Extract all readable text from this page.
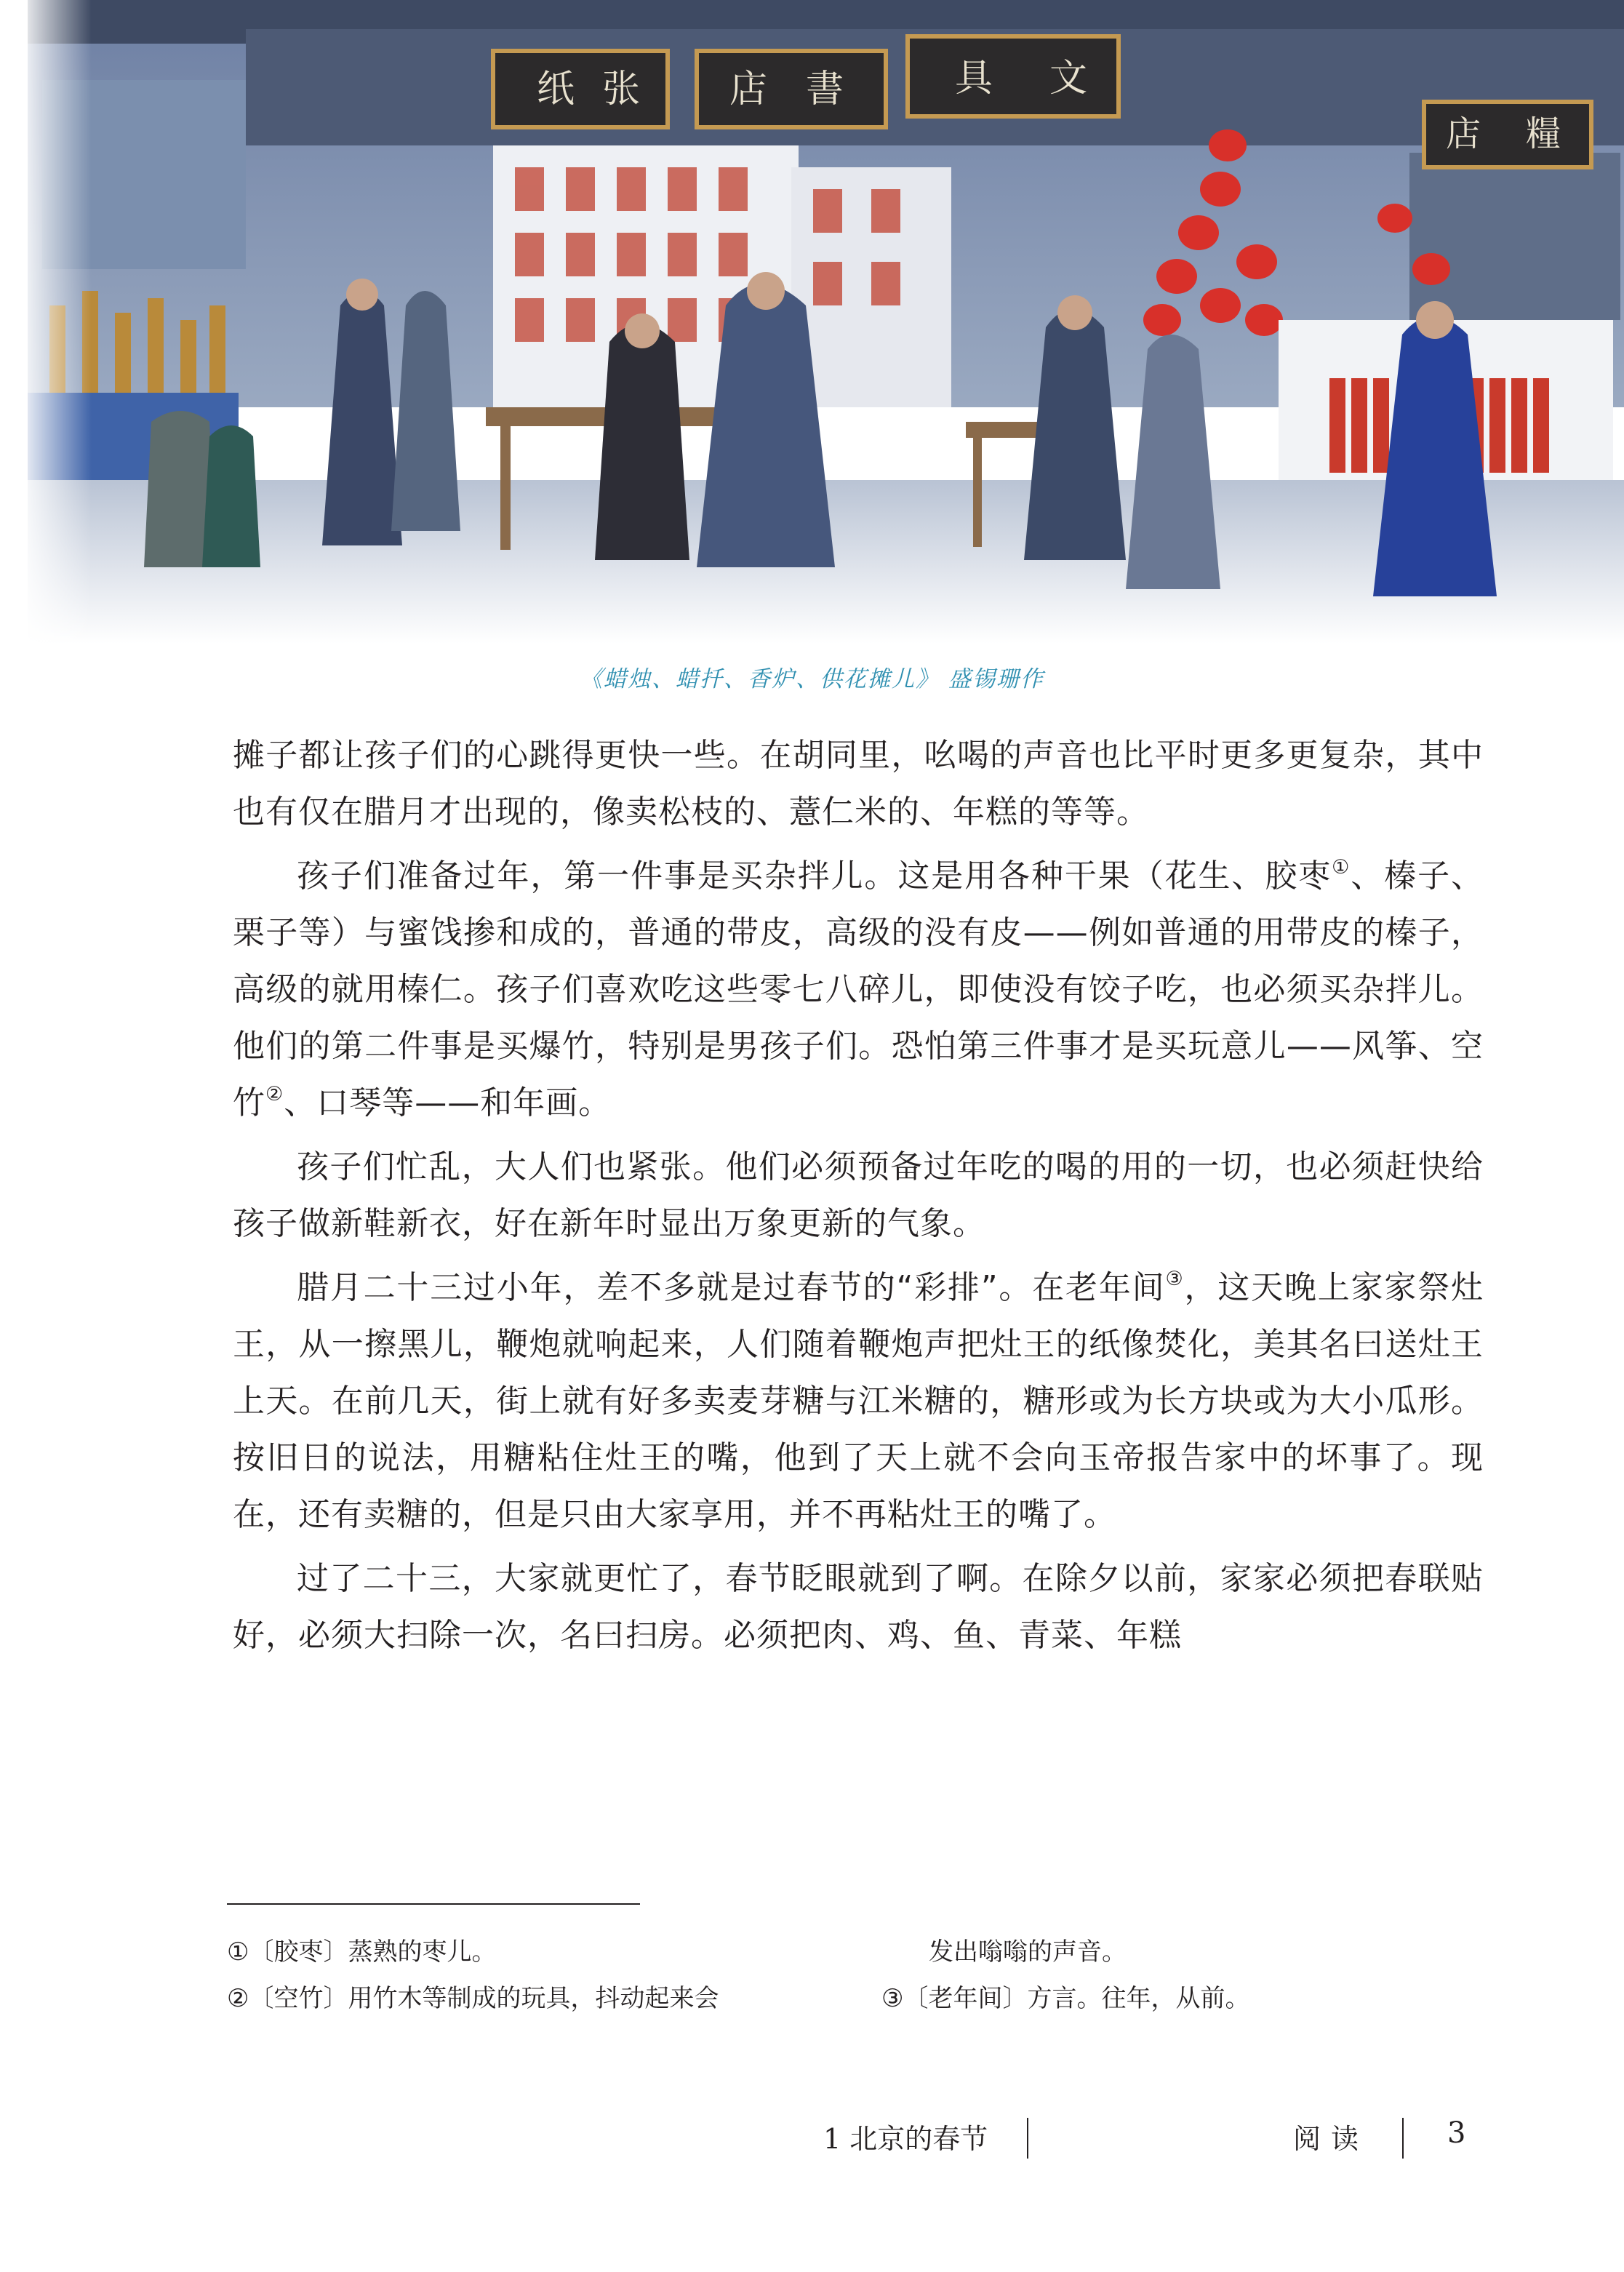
《蜡烛、蜡扦、香炉、供花摊儿》 盛锡珊作

摊子都让孩子们的心跳得更快一些。在胡同里，吆喝的声音也比平时更多更复杂，其中也有仅在腊月才出现的，像卖松枝的、薏仁米的、年糕的等等。

孩子们准备过年，第一件事是买杂拌儿。这是用各种干果（花生、胶枣①、榛子、栗子等）与蜜饯掺和成的，普通的带皮，高级的没有皮——例如普通的用带皮的榛子，高级的就用榛仁。孩子们喜欢吃这些零七八碎儿，即使没有饺子吃，也必须买杂拌儿。他们的第二件事是买爆竹，特别是男孩子们。恐怕第三件事才是买玩意儿——风筝、空竹②、口琴等——和年画。

孩子们忙乱，大人们也紧张。他们必须预备过年吃的喝的用的一切，也必须赶快给孩子做新鞋新衣，好在新年时显出万象更新的气象。

腊月二十三过小年，差不多就是过春节的“彩排”。在老年间③，这天晚上家家祭灶王，从一擦黑儿，鞭炮就响起来，人们随着鞭炮声把灶王的纸像焚化，美其名曰送灶王上天。在前几天，街上就有好多卖麦芽糖与江米糖的，糖形或为长方块或为大小瓜形。按旧日的说法，用糖粘住灶王的嘴，他到了天上就不会向玉帝报告家中的坏事了。现在，还有卖糖的，但是只由大家享用，并不再粘灶王的嘴了。

过了二十三，大家就更忙了，春节眨眼就到了啊。在除夕以前，家家必须把春联贴好，必须大扫除一次，名曰扫房。必须把肉、鸡、鱼、青菜、年糕

①〔胶枣〕蒸熟的枣儿。
②〔空竹〕用竹木等制成的玩具，抖动起来会
发出嗡嗡的声音。
③〔老年间〕方言。往年，从前。
1 北京的春节	阅读	3
